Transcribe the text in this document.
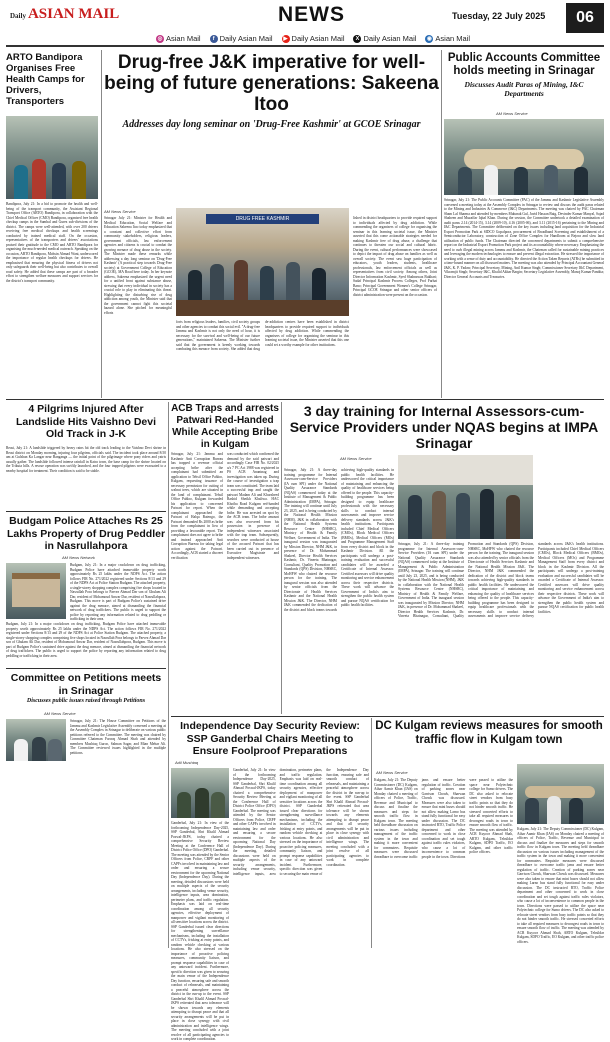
Daily ASIAN MAIL	NEWS	Tuesday, 22 July 2025	06
◎ Asian Mail	f Daily Asian Mail	▶ Daily Asian Mail	X Daily Asian Mail ◉ Asian Mail
ARTO Bandipora Organises Free Health Camps for Drivers, Transporters
Bandipora, July 21: In a bid to promote the health and well-being of the transport community, the Assistant Regional Transport Office (ARTO) Bandipora, in collaboration with the Chief Medical Officer (CMO) Bandipora, organised free health checkup camps in the Sumbal and Gurez sub-divisions of the district. The camps were well-attended, with over 200 drivers receiving free medical checkups and health screenings conducted by trained medical staff. On the occasion, representatives of the transporters and drivers' associations praised their gratitude to the CMO and ARTO Bandipora for organising the much-needed medical outreach. Speaking on the occasion, ARTO Bandipora, Mohsin Ahmad Wani, underscored the importance of regular health checkups for drivers. He emphasised that ensuring the physical fitness of drivers not only safeguards their well-being but also contributes to overall road safety. He added that these camps are part of a broader effort to strengthen welfare measures and support services for the district's transport community.
Drug-free J&K imperative for well-being of future generations: Sakeena Itoo
Addresses day long seminar on 'Drug-Free Kashmir' at GCOE Srinagar
AM News Service
Srinagar July 21: Minister for Health and Medical Education, Social Welfare and Education Sakeena Itoo today emphasized that a constant and collective effort from community stakeholders, religious leaders, government officials, law enforcement agencies and citizens is crucial to combat the growing menace of drug abuse in the society. The Minister made these remarks while addressing a day long seminar on 'Drug-Free Kashmir' (A practical step towards Drug-Free society) at Government College of Education (GCOE), MA Road here today. In her keynote address, Sakeena emphasized the urgent need for a unified front against substance abuse, stressing that every individual in society has a crucial role to play in eliminating this threat. Highlighting the disturbing rise of drug addiction among youth, the Minister said that the government cannot fight this societal hazard alone. She pitched for meaningful efforts
DRUG FREE KASHMIR
forts from religious leaders, families, civil society groups and other agencies to combat this social evil. "A drug-free Jammu and Kashmir is not only the need of hour, it is necessary for the survival and well-being of our future generations," maintained Sakeena. The Minister further said that the government is keenly working towards combating this menace from society. She added that drug de-addiction centres have been established in district headquarters to provide required support to individuals affected by drug addiction. While commending the organisers of college for organising the seminar in this learning societal issue, the Minister asserted that this one could set a worthy example for other institutions.
lished in district headquarters to provide required support to individuals affected by drug addiction. While commending the organisers of college for organising the seminar in this learning societal issue, the Minister asserted that this come actionable strategies needed for making Kashmir free of drug abuse, a challenge that continues to threaten our social and cultural fabric. During the event, cultural performances were showcased to depict the impact of drug abuse on families as well as overall society. The event saw huge participation of educators, youth leaders, students, healthcare professionals, law enforcement officials as well as representatives from civil society. Among others, Joint Director Information Kashmir, Syed Shahnawaz Bukhari; Sadaf Principal Kashmir Process Colleges, Prof Farhat Bano; Principal Government Women's College Srinagar, Principal GCOE Srinagar and other senior officers of district administration were present on the occasion.
Public Accounts Committee holds meeting in Srinagar
Discusses Audit Paras of Mining, I&C Departments
AM News Service
Srinagar, July 21: The Public Accounts Committee (PAC) of the Jammu and Kashmir Legislative Assembly convened a meeting today at the Assembly Complex in Srinagar to review and discuss the audit paras related to the Mining and Industries & Commerce (I&C) Departments. The meeting was chaired by PAC Chairman Sham Lal Sharma and attended by members Mubarak Gul, Javid Hassan Baig, Devinder Kumar Manyal, Sajad Shaheen and Muzaffar Iqbal Khan. During the session, the Committee undertook a detailed examination of audit paras 2.14 (2014-15), 3.14 (2009-10), 4.16 (2005-06), and 3.11 (2015-16) pertaining to the Mining and I&C Departments. The Committee deliberated on the key issues including land acquisition for the Industrial Export Promotion Park at SIDCO Gopalpora, procurement of Broadband Screening and establishment of a Semiconductor Laboratory, construction of Zone Office Complex for Handloom at Bejora and slow land utilization of public funds. The Chairman directed the concerned departments to submit a comprehensive report on the Industrial Export Promotion Park project and its accountability where necessary. Emphasizing the need to curb illegal mining across Jammu and Kashmir, the Chairman called for sustainable mining practices and leveraging the modern technologies to ensure and prevent illegal extraction. He stressed the importance of working with a sense of duty and accountability. He directed the Action Taken Reports (ATRs) be submitted in a time-bound manner on all discussed matters. The meeting was also attended by Principal Accountant General J&K, K. P. Yadaw; Principal Secretary, Mining, Anil Kumar Singh; Commissioner Secretary I&C Department, Vikramjit Singh; Secretary I&C, Khalid Akbar Bargin; Secretary Legislative Assembly, Manoj Kumar Pandita; Director General Accounts and Treasuries.
4 Pilgrims Injured After Landslide Hits Vaishno Devi Old Track in J-K
Reasi, July 21: A landslide triggered by heavy rains hit the old track leading to the Vaishno Devi shrine in Reasi district on Monday morning, injuring four pilgrims, officials said. The incident took place around 8:50 am at Gulshan Ka Langar near Banganga — the initial point of the pilgrimage where pony riders and yatris usually gather. The landslide followed intense rainfall in Katra town, the base camp for the shrine located on the Trikuta hills. A rescue operation was swiftly launched, and the four trapped pilgrims were evacuated to a nearby hospital for treatment. Their condition is said to be stable.
ACB Traps and arrests Patwari Red-Handed While Accepting Bribe in Kulgam
Srinagar, July 21: Jammu and Kashmir Anti Corruption Bureau has trapped a revenue official accepting bribe after the complainant had submitted an application to Tehsil Office Pahloo, Kulgam, requesting issuance of necessary permission for cutting of walnut trees, which are situated in the land of complainant. Tehsil Office Pahloo, Kulgam forwarded his application to concerned Patwari for report. When the complainant approached the Patwari of Halqa Batengo, the Patwari demanded Rs 2000 as bribe from the complainant in lieu of providing a favourable report. The complainant does not agree to bribe and instead approached Anti Corruption Bureau for taking legal action against the Patwari. Accordingly, ACB started a discreet verification
was conducted which confirmed the demand by the said patwari and accordingly Case FIR No. 02/2025 u/s 7 PC Act 1988 was registered in PS ACB Anantnag and investigation was taken up. During the course of investigation a trap team was constituted. The team laid a successful trap and caught the patwari Madam Ali and Khursheed Rashid Sheikh Khaliwa. HAC Khoiba Road Kulgam red-handed while demanding and accepting bribe. He was arrested on spot by the ACB team. The bribe amount was also recovered from his possession in presence of independent witnesses associated with the trap team. Subsequently, searches were conducted at house of the accused Patwari that has been carried out in presence of Executive Magistrate and independent witnesses.
Budgam Police Attaches Rs 25 Lakhs Property of Drug Peddler in Nasrullahpora
AM News Network
Budgam, July 21: In a major crackdown on drug trafficking, Budgam Police have attached immovable property worth approximately Rs 25 lakhs under the NDPS Act. The action follows FIR No. 271/2022 registered under Sections 8/13 and 29 of the NDPS Act at Police Station Budgam. The attached property, a single-storey shopping complex comprising five shops located in Nasrullah Pora belongs to Parvez Ahmad Dar son of Ghulam Ali Dar, resident of Mohamoud Anwar Dar, resident of Nasrullahpora, Budgam. This move is part of Budgam Police's sustained drive against the drug menace, aimed at dismantling the financial network of drug traffickers. The public is urged to support the police by reporting any information related to drug peddling or trafficking in their area.
Budgam, July 21: In a major crackdown on drug trafficking, Budgam Police have attached immovable property worth approximately Rs 25 lakhs under the NDPS Act. The action follows FIR No. 271/2022 registered under Sections 8/13 and 29 of the NDPS Act at Police Station Budgam. The attached property, a single-storey shopping complex comprising five shops located in Nasrullah Pora belongs to Parvez Ahmad Dar son of Ghulam Ali Dar, resident of Mohamoud Anwar Dar, resident of Nasrullahpora, Budgam. This move is part of Budgam Police's sustained drive against the drug menace, aimed at dismantling the financial network of drug traffickers. The public is urged to support the police by reporting any information related to drug peddling or trafficking in their area.
Committee on Petitions meets in Srinagar
Discusses public issues raised through Petitions
AM News Service
Srinagar, July 21: The House Committee on Petitions of the Jammu and Kashmir Legislative Assembly convened a meeting at the Assembly Complex in Srinagar to deliberate on various public petitions referred to the Committee. The meeting was chaired by Committee Chairman Farooq Ahmad Shah and attended by members Mushtaq Guroo, Salman Sagar, and Mian Mehar Ali. The Committee reviewed issues highlighted in the multiple petitions.
3 day training for Internal Assessors-cum-Service Providers under NQAS begins at IMPA Srinagar
AM News Service
Srinagar, July 21: A three-day training programme for Internal Assessors-cum-Service Providers (IA cum SPI) under the National Quality Assurance Standards (NQAS) commenced today at the Institute of Management & Public Administration (IMPA), Srinagar. The training will continue until July 23, 2025, and is being conducted by the National Health Mission (NHM), J&K in collaboration with the National Health Systems Resource Centre (NHSRC), Ministry of Health & Family Welfare, Government of India. The inaugural session was inaugurated by Mission Director, NHM J&K, in presence of Dr. Mohammad Shakeel, Director Health Services Kashmir, Dr. Vineeta Bhatnagar, Consultant, Quality Promotion and Standards (QPS) Division, NHSRC, MoHFW who chaired the resource person for the training. The inaugural session was also attended by senior officials from the Directorate of Health Services Kashmir and the National Health Mission J&K. The Director, NHM J&K commended the dedication of the district and block teams towards achieving high-quality standards in public health facilities. He underscored the critical importance of maintaining and enhancing the quality of healthcare services being offered to the people. This capacity-building programme has been designed to equip healthcare professionals with the necessary skills to conduct internal assessments and improve service delivery standards across J&K's health institutions. Participants included Chief Medical Officers (CMOs), Block Medical Officers (BMOs), Medical Officers (MOs) and Programme Management Staff from every district and block in the Kashmir Division. All the participants will undergo a post-training evaluation and successful candidates will be awarded a Certificate of Internal Assessor. Certified assessors will drive quality monitoring and service enhancement across their respective districts. These work will advance the Government of India's aim to strengthen the public health system and pursue NQAS certification for public health facilities.
Srinagar, July 21: A three-day training programme for Internal Assessors-cum-Service Providers (IA cum SPI) under the National Quality Assurance Standards (NQAS) commenced today at the Institute of Management & Public Administration (IMPA), Srinagar. The training will continue until July 23, 2025, and is being conducted by the National Health Mission (NHM), J&K in collaboration with the National Health Systems Resource Centre (NHSRC), Ministry of Health & Family Welfare, Government of India. The inaugural session was inaugurated by Mission Director, NHM J&K, in presence of Dr. Mohammad Shakeel, Director Health Services Kashmir, Dr. Vineeta Bhatnagar, Consultant, Quality Promotion and Standards (QPS) Division, NHSRC, MoHFW who chaired the resource person for the training. The inaugural session was also attended by senior officials from the Directorate of Health Services Kashmir and the National Health Mission J&K. The Director, NHM J&K commended the dedication of the district and block teams towards achieving high-quality standards in public health facilities. He underscored the critical importance of maintaining and enhancing the quality of healthcare services being offered to the people. This capacity-building programme has been designed to equip healthcare professionals with the necessary skills to conduct internal assessments and improve service delivery standards across J&K's health institutions. Participants included Chief Medical Officers (CMOs), Block Medical Officers (BMOs), Medical Officers (MOs) and Programme Management Staff from every district and block in the Kashmir Division. All the participants will undergo a post-training evaluation and successful candidates will be awarded a Certificate of Internal Assessor. Certified assessors will drive quality monitoring and service enhancement across their respective districts. These work will advance the Government of India's aim to strengthen the public health system and pursue NQAS certification for public health facilities.
Independence Day Security Review: SSP Ganderbal Chairs Meeting to Ensure Foolproof Preparations
Adil Mushtaq
Ganderbal, July 21: In view of the forthcoming Independence Day-2025, SSP Ganderbal, Shri Khalil Ahmad Poswal-JKPS, today chaired a comprehensive Security Review Meeting at the Conference Hall of District Police Office (DPO) Ganderbal. The meeting was attended by the Senior Officers from Police, CRPF and other CAPFs involved in maintaining law and order and ensuring a secure environment for the upcoming National Day (Independence Day). During the meeting, detailed discussions were held on multiple aspects of the security arrangements, including venue security, intelligence inputs, area domination, perimeter plans, and traffic regulation. Emphasis was laid on real-time coordination among all security agencies, effective deployment of manpower and vigilant monitoring of all sensitive locations across the district. SSP Ganderbal issued clear directions for strengthening surveillance mechanisms, including the installation of CCTVs, frisking at entry points, and random vehicle checking at various locations. He also stressed on the importance of proactive policing measures, community liaison, and prompt response capabilities in case of any untoward incident. Furthermore, specific direction was given to securing the main venue of the Independence Day function, ensuring safe and smooth conduct of rehearsals, and maintaining a peaceful atmosphere across the district in the run-up to the event. SSP Ganderbal Shri Khalil Ahmad Poswal-JKPS reiterated that area tolerance will be shown towards any elements attempting to disrupt peace and that all security arrangements will be put in place in close synergy with civil administration and intelligence wings. The meeting concluded with a joint resolve of all participating agencies to work in complete coordination.
Ganderbal, July 21: In view of the forthcoming Independence Day-2025, SSP Ganderbal, Shri Khalil Ahmad Poswal-JKPS, today chaired a comprehensive Security Review Meeting at the Conference Hall of District Police Office (DPO) Ganderbal. The meeting was attended by the Senior Officers from Police, CRPF and other CAPFs involved in maintaining law and order and ensuring a secure environment for the upcoming National Day (Independence Day). During the meeting, detailed discussions were held on multiple aspects of the security arrangements, including venue security, intelligence inputs, area domination, perimeter plans, and traffic regulation. Emphasis was laid on real-time coordination among all security agencies, effective deployment of manpower and vigilant monitoring of all sensitive locations across the district. SSP Ganderbal issued clear directions for strengthening surveillance mechanisms, including the installation of CCTVs, frisking at entry points, and random vehicle checking at various locations. He also stressed on the importance of proactive policing measures, community liaison, and prompt response capabilities in case of any untoward incident. Furthermore, specific direction was given to securing the main venue of the Independence Day function, ensuring safe and smooth conduct of rehearsals, and maintaining a peaceful atmosphere across the district in the run-up to the event. SSP Ganderbal Shri Khalil Ahmad Poswal-JKPS reiterated that area tolerance will be shown towards any elements attempting to disrupt peace and that all security arrangements will be put in place in close synergy with civil administration and intelligence wings. The meeting concluded with a joint resolve of all participating agencies to work in complete coordination.
DC Kulgam reviews measures for smooth traffic flow in Kulgam town
AM News Service
Kulgam, July 21: The Deputy Commissioner (DC) Kulgam, Athar Aamir Khan (IAS) on Monday chaired a meeting of officers of Police, Traffic, Revenue and Municipal to discuss and finalize the measures and steps for smooth traffic flow in Kulgam town. The meeting held threadbare discussion on various issues including management of the traffic system in the town and making it more convenient for commuters. Requisite measures were discussed threadbare to overcome traffic jams and ensure better regulation of traffic. Creation of parking zones near Garrison Chowk, Sharwan Chowk was discussed. Measures were also taken to ensure that mini buses should not allow making Larno bus stand fully functional for easy under discussion. The DC instructed RTO, Traffic Police department and other concerned to work in close coordination and set tough against traffic rules violators, who cause a lot of inconvenience to common people in the town. Directions were passed to utilize the space near Polytechnic college for Sumo drivers. The DC also asked to relocate street vendors from busy traffic points so that they do not hinder smooth traffic. He stressed concerted efforts to take all required measures to decongest roads in town to ensure smooth flow of traffic. The meeting was attended by ACR Kuyoor Ahmad Shah, ARTO Kulgam, Tehsildar Kulgam, SDPO Traffic, EO Kulgam, and other traffic police officers.
Kulgam, July 21: The Deputy Commissioner (DC) Kulgam, Athar Aamir Khan (IAS) on Monday chaired a meeting of officers of Police, Traffic, Revenue and Municipal to discuss and finalize the measures and steps for smooth traffic flow in Kulgam town. The meeting held threadbare discussion on various issues including management of the traffic system in the town and making it more convenient for commuters. Requisite measures were discussed threadbare to overcome traffic jams and ensure better regulation of traffic. Creation of parking zones near Garrison Chowk, Sharwan Chowk was discussed. Measures were also taken to ensure that mini buses should not allow making Larno bus stand fully functional for easy under discussion. The DC instructed RTO, Traffic Police department and other concerned to work in close coordination and set tough against traffic rules violators, who cause a lot of inconvenience to common people in the town. Directions were passed to utilize the space near Polytechnic college for Sumo drivers. The DC also asked to relocate street vendors from busy traffic points so that they do not hinder smooth traffic. He stressed concerted efforts to take all required measures to decongest roads in town to ensure smooth flow of traffic. The meeting was attended by ACR Kuyoor Ahmad Shah, ARTO Kulgam, Tehsildar Kulgam, SDPO Traffic, EO Kulgam, and other traffic police officers.
